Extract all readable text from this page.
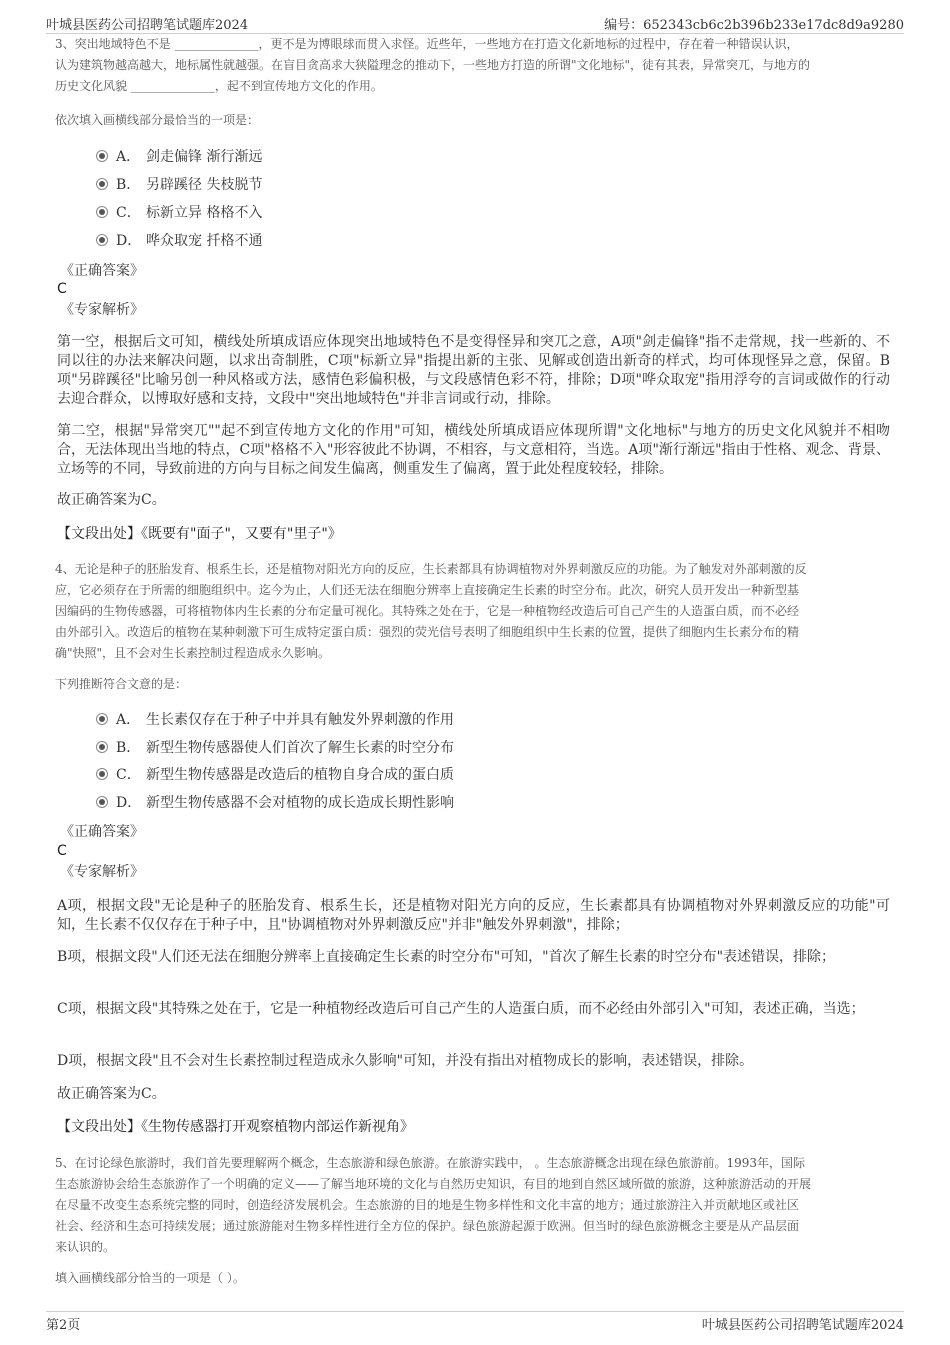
叶城县医药公司招聘笔试题库2024	编号：652343cb6c2b396b233e17dc8d9a9280
3、突出地域特色不是 ______________，更不是为博眼球而贯入求怪。近些年，一些地方在打造文化新地标的过程中，存在着一种错误认识，
认为建筑物越高越大，地标属性就越强。在盲目贪高求大狭隘理念的推动下，一些地方打造的所谓"文化地标"，徒有其表，异常突兀，与地方的
历史文化风貌 ______________，起不到宣传地方文化的作用。
依次填入画横线部分最恰当的一项是：
A． 剑走偏锋 渐行渐远
B． 另辟蹊径 失枝脱节
C． 标新立异 格格不入
D． 哗众取宠 扦格不通
《正确答案》
C
《专家解析》
第一空，根据后文可知，横线处所填成语应体现突出地域特色不是变得怪异和突兀之意，A项"剑走偏锋"指不走常规，找一些新的、不同以往的办法来解决问题，以求出奇制胜，C项"标新立异"指提出新的主张、见解或创造出新奇的样式，均可体现怪异之意，保留。B项"另辟蹊径"比喻另创一种风格或方法，感情色彩偏积极，与文段感情色彩不符，排除；D项"哗众取宠"指用浮夸的言词或做作的行动去迎合群众，以博取好感和支持，文段中"突出地域特色"并非言词或行动，排除。
第二空，根据"异常突兀""起不到宣传地方文化的作用"可知，横线处所填成语应体现所谓"文化地标"与地方的历史文化风貌并不相吻合，无法体现出当地的特点，C项"格格不入"形容彼此不协调，不相容，与文意相符，当选。A项"渐行渐远"指由于性格、观念、背景、立场等的不同，导致前进的方向与目标之间发生偏离，侧重发生了偏离，置于此处程度较轻，排除。
故正确答案为C。
【文段出处】《既要有"面子"，又要有"里子"》
4、无论是种子的胚胎发育、根系生长，还是植物对阳光方向的反应，生长素都具有协调植物对外界刺激反应的功能。为了触发对外部刺激的反
应，它必须存在于所需的细胞组织中。迄今为止，人们还无法在细胞分辨率上直接确定生长素的时空分布。此次，研究人员开发出一种新型基
因编码的生物传感器，可将植物体内生长素的分布定量可视化。其特殊之处在于，它是一种植物经改造后可自己产生的人造蛋白质，而不必经
由外部引入。改造后的植物在某种刺激下可生成特定蛋白质：强烈的荧光信号表明了细胞组织中生长素的位置，提供了细胞内生长素分布的精
确"快照"，且不会对生长素控制过程造成永久影响。
下列推断符合文意的是：
A． 生长素仅存在于种子中并具有触发外界刺激的作用
B． 新型生物传感器使人们首次了解生长素的时空分布
C． 新型生物传感器是改造后的植物自身合成的蛋白质
D． 新型生物传感器不会对植物的成长造成长期性影响
《正确答案》
C
《专家解析》
A项，根据文段"无论是种子的胚胎发育、根系生长，还是植物对阳光方向的反应，生长素都具有协调植物对外界刺激反应的功能"可知，生长素不仅仅存在于种子中，且"协调植物对外界刺激反应"并非"触发外界刺激"，排除；
B项，根据文段"人们还无法在细胞分辨率上直接确定生长素的时空分布"可知，"首次了解生长素的时空分布"表述错误，排除；
C项，根据文段"其特殊之处在于，它是一种植物经改造后可自己产生的人造蛋白质，而不必经由外部引入"可知，表述正确，当选；
D项，根据文段"且不会对生长素控制过程造成永久影响"可知，并没有指出对植物成长的影响，表述错误，排除。
故正确答案为C。
【文段出处】《生物传感器打开观察植物内部运作新视角》
5、在讨论绿色旅游时，我们首先要理解两个概念，生态旅游和绿色旅游。在旅游实践中， 。生态旅游概念出现在绿色旅游前。1993年，国际
生态旅游协会给生态旅游作了一个明确的定义——了解当地环境的文化与自然历史知识，有目的地到自然区域所做的旅游，这种旅游活动的开展
在尽量不改变生态系统完整的同时，创造经济发展机会。生态旅游的目的地是生物多样性和文化丰富的地方；通过旅游注入并贡献地区或社区
社会、经济和生态可持续发展；通过旅游能对生物多样性进行全方位的保护。绿色旅游起源于欧洲。但当时的绿色旅游概念主要是从产品层面
来认识的。
填入画横线部分恰当的一项是（ ）。
第2页	叶城县医药公司招聘笔试题库2024
